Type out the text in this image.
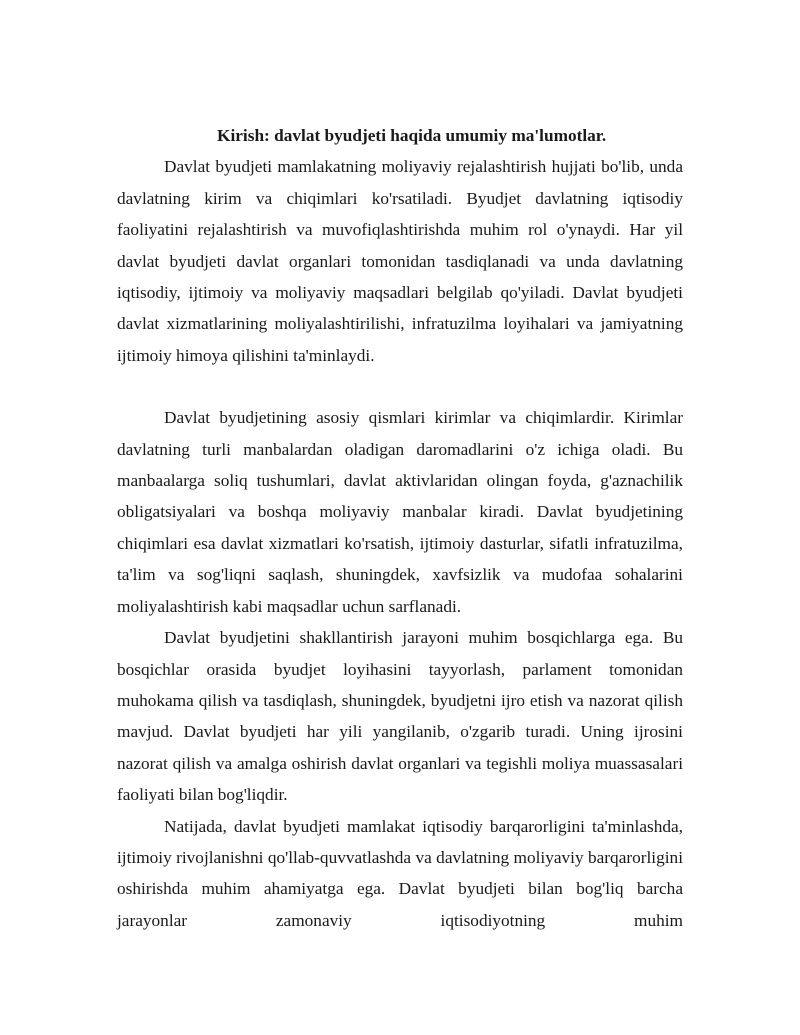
Kirish: davlat byudjeti haqida umumiy ma'lumotlar.

Davlat byudjeti mamlakatning moliyaviy rejalashtirish hujjati bo'lib, unda davlatning kirim va chiqimlari ko'rsatiladi. Byudjet davlatning iqtisodiy faoliyatini rejalashtirish va muvofiqlashtirishda muhim rol o'ynaydi. Har yil davlat byudjeti davlat organlari tomonidan tasdiqlanadi va unda davlatning iqtisodiy, ijtimoiy va moliyaviy maqsadlari belgilab qo'yiladi. Davlat byudjeti davlat xizmatlarining moliyalashtirilishi, infratuzilma loyihalari va jamiyatning ijtimoiy himoya qilishini ta'minlaydi.

Davlat byudjetining asosiy qismlari kirimlar va chiqimlardir. Kirimlar davlatning turli manbalardan oladigan daromadlarini o'z ichiga oladi. Bu manbaalarga soliq tushumlari, davlat aktivlaridan olingan foyda, g'aznachilik obligatsiyalari va boshqa moliyaviy manbalar kiradi. Davlat byudjetining chiqimlari esa davlat xizmatlari ko'rsatish, ijtimoiy dasturlar, sifatli infratuzilma, ta'lim va sog'liqni saqlash, shuningdek, xavfsizlik va mudofaa sohalarini moliyalashtirish kabi maqsadlar uchun sarflanadi.

Davlat byudjetini shakllantirish jarayoni muhim bosqichlarga ega. Bu bosqichlar orasida byudjet loyihasini tayyorlash, parlament tomonidan muhokama qilish va tasdiqlash, shuningdek, byudjetni ijro etish va nazorat qilish mavjud. Davlat byudjeti har yili yangilanib, o'zgarib turadi. Uning ijrosini nazorat qilish va amalga oshirish davlat organlari va tegishli moliya muassasalari faoliyati bilan bog'liqdir.

Natijada, davlat byudjeti mamlakat iqtisodiy barqarorligini ta'minlashda, ijtimoiy rivojlanishni qo'llab-quvvatlashda va davlatning moliyaviy barqarorligini oshirishda muhim ahamiyatga ega. Davlat byudjeti bilan bog'liq barcha jarayonlar zamonaviy iqtisodiyotning muhim
